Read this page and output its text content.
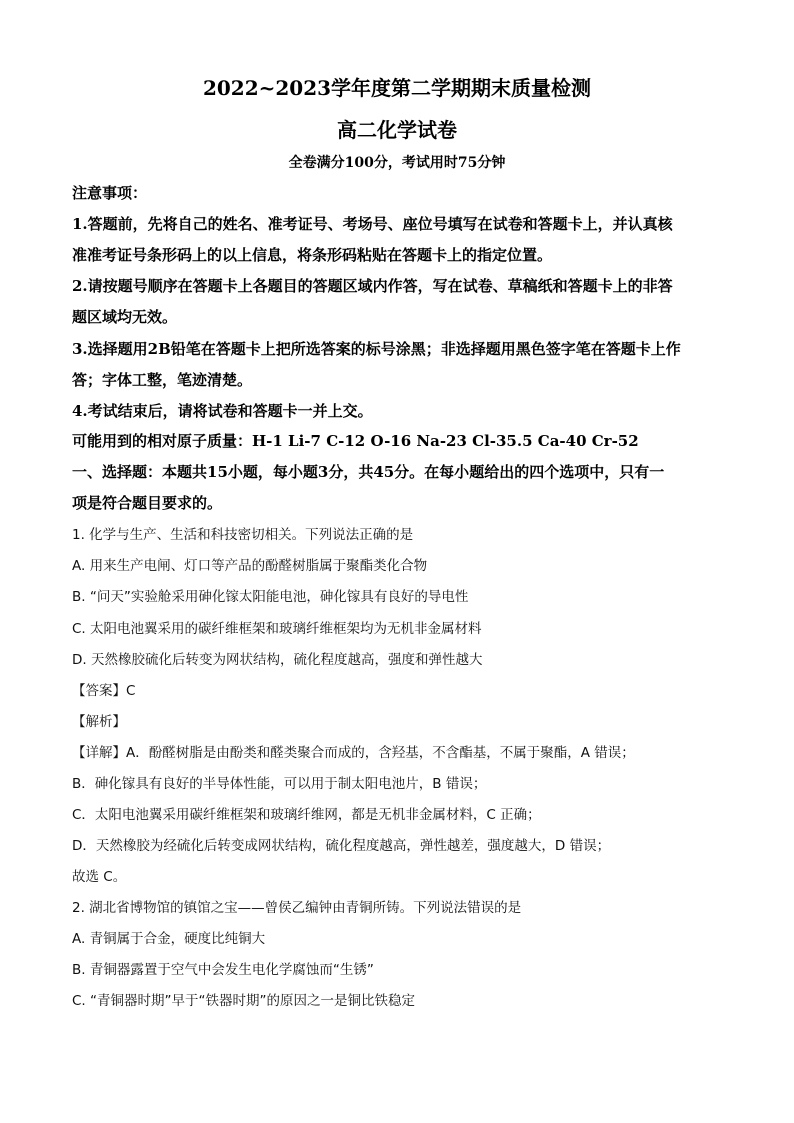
2022~2023学年度第二学期期末质量检测
高二化学试卷
全卷满分100分，考试用时75分钟
注意事项：
1.答题前，先将自己的姓名、准考证号、考场号、座位号填写在试卷和答题卡上，并认真核
准准考证号条形码上的以上信息，将条形码粘贴在答题卡上的指定位置。
2.请按题号顺序在答题卡上各题目的答题区域内作答，写在试卷、草稿纸和答题卡上的非答
题区域均无效。
3.选择题用2B铅笔在答题卡上把所选答案的标号涂黑；非选择题用黑色签字笔在答题卡上作
答；字体工整，笔迹清楚。
4.考试结束后，请将试卷和答题卡一并上交。
可能用到的相对原子质量：H-1 Li-7 C-12 O-16 Na-23 Cl-35.5 Ca-40 Cr-52
一、选择题：本题共15小题，每小题3分，共45分。在每小题给出的四个选项中，只有一
项是符合题目要求的。
1. 化学与生产、生活和科技密切相关。下列说法正确的是
A. 用来生产电闸、灯口等产品的酚醛树脂属于聚酯类化合物
B. “问天”实验舱采用砷化镓太阳能电池，砷化镓具有良好的导电性
C. 太阳电池翼采用的碳纤维框架和玻璃纤维框架均为无机非金属材料
D. 天然橡胶硫化后转变为网状结构，硫化程度越高，强度和弹性越大
【答案】C
【解析】
【详解】A．酚醛树脂是由酚类和醛类聚合而成的，含羟基，不含酯基，不属于聚酯，A 错误；
B．砷化镓具有良好的半导体性能，可以用于制太阳电池片，B 错误；
C．太阳电池翼采用碳纤维框架和玻璃纤维网，都是无机非金属材料，C 正确；
D．天然橡胶为经硫化后转变成网状结构，硫化程度越高，弹性越差，强度越大，D 错误；
故选 C。
2. 湖北省博物馆的镇馆之宝——曾侯乙编钟由青铜所铸。下列说法错误的是
A. 青铜属于合金，硬度比纯铜大
B. 青铜器露置于空气中会发生电化学腐蚀而“生锈”
C. “青铜器时期”早于“铁器时期”的原因之一是铜比铁稳定
